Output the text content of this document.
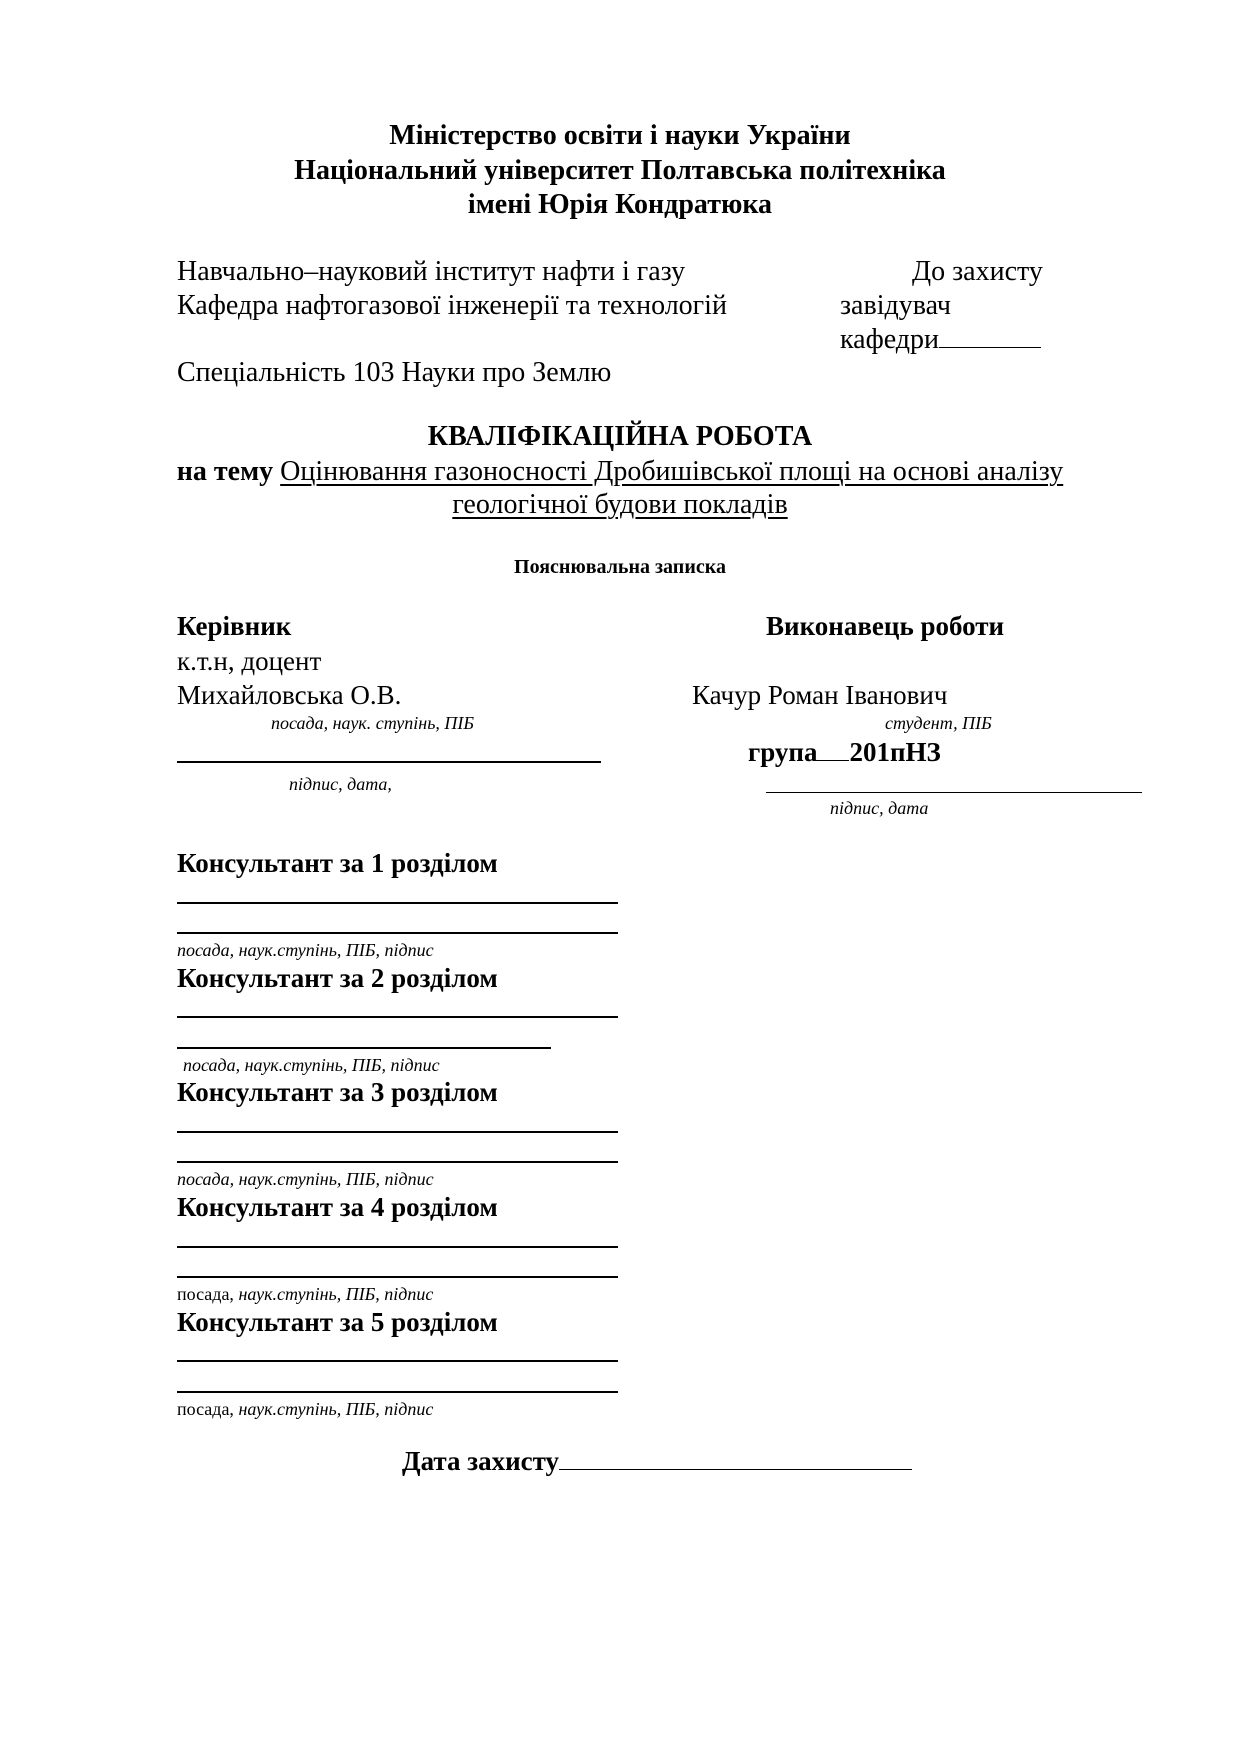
Міністерство освіти і науки України
Національний університет Полтавська політехніка
імені Юрія Кондратюка
Навчально–науковий інститут нафти і газу
Кафедра нафтогазової інженерії та технологій
Спеціальність 103 Науки про Землю
До захисту
завідувач
кафедри
КВАЛІФІКАЦІЙНА РОБОТА
на тему Оцінювання газоносності Дробишівської площі на основі аналізу
геологічної будови покладів
Пояснювальна записка
Керівник
к.т.н, доцент
Михайловська О.В.
посада, наук. ступінь, ПІБ
підпис, дата,
Виконавець роботи
Качур Роман Іванович
студент, ПІБ
група 201пНЗ
підпис, дата
Консультант за 1 розділом
посада, наук.ступінь, ПІБ, підпис
Консультант за 2 розділом
посада, наук.ступінь, ПІБ, підпис
Консультант за 3 розділом
посада, наук.ступінь, ПІБ, підпис
Консультант за 4 розділом
посада, наук.ступінь, ПІБ, підпис
Консультант за 5 розділом
посада, наук.ступінь, ПІБ, підпис
Дата захисту
